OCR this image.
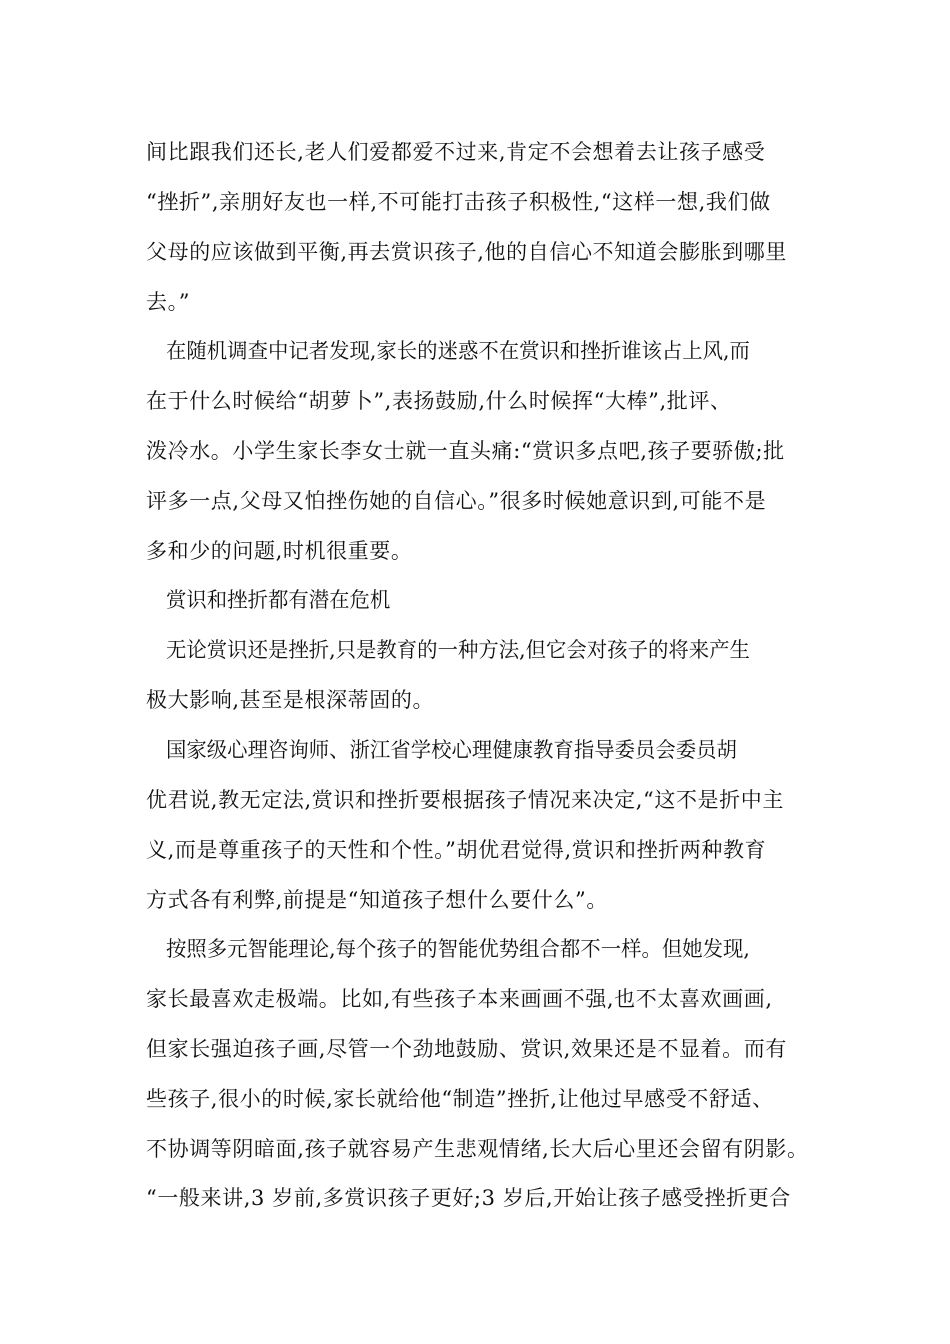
间比跟我们还长,老人们爱都爱不过来,肯定不会想着去让孩子感受
“挫折”,亲朋好友也一样,不可能打击孩子积极性,“这样一想,我们做
父母的应该做到平衡,再去赏识孩子,他的自信心不知道会膨胀到哪里
去。”
在随机调查中记者发现,家长的迷惑不在赏识和挫折谁该占上风,而
在于什么时候给“胡萝卜”,表扬鼓励,什么时候挥“大棒”,批评、
泼冷水。小学生家长李女士就一直头痛:“赏识多点吧,孩子要骄傲;批
评多一点,父母又怕挫伤她的自信心。”很多时候她意识到,可能不是
多和少的问题,时机很重要。
赏识和挫折都有潜在危机
无论赏识还是挫折,只是教育的一种方法,但它会对孩子的将来产生
极大影响,甚至是根深蒂固的。
国家级心理咨询师、浙江省学校心理健康教育指导委员会委员胡
优君说,教无定法,赏识和挫折要根据孩子情况来决定,“这不是折中主
义,而是尊重孩子的天性和个性。”胡优君觉得,赏识和挫折两种教育
方式各有利弊,前提是“知道孩子想什么要什么”。
按照多元智能理论,每个孩子的智能优势组合都不一样。但她发现,
家长最喜欢走极端。比如,有些孩子本来画画不强,也不太喜欢画画,
但家长强迫孩子画,尽管一个劲地鼓励、赏识,效果还是不显着。而有
些孩子,很小的时候,家长就给他“制造”挫折,让他过早感受不舒适、
不协调等阴暗面,孩子就容易产生悲观情绪,长大后心里还会留有阴影。
“一般来讲,3 岁前,多赏识孩子更好;3 岁后,开始让孩子感受挫折更合
